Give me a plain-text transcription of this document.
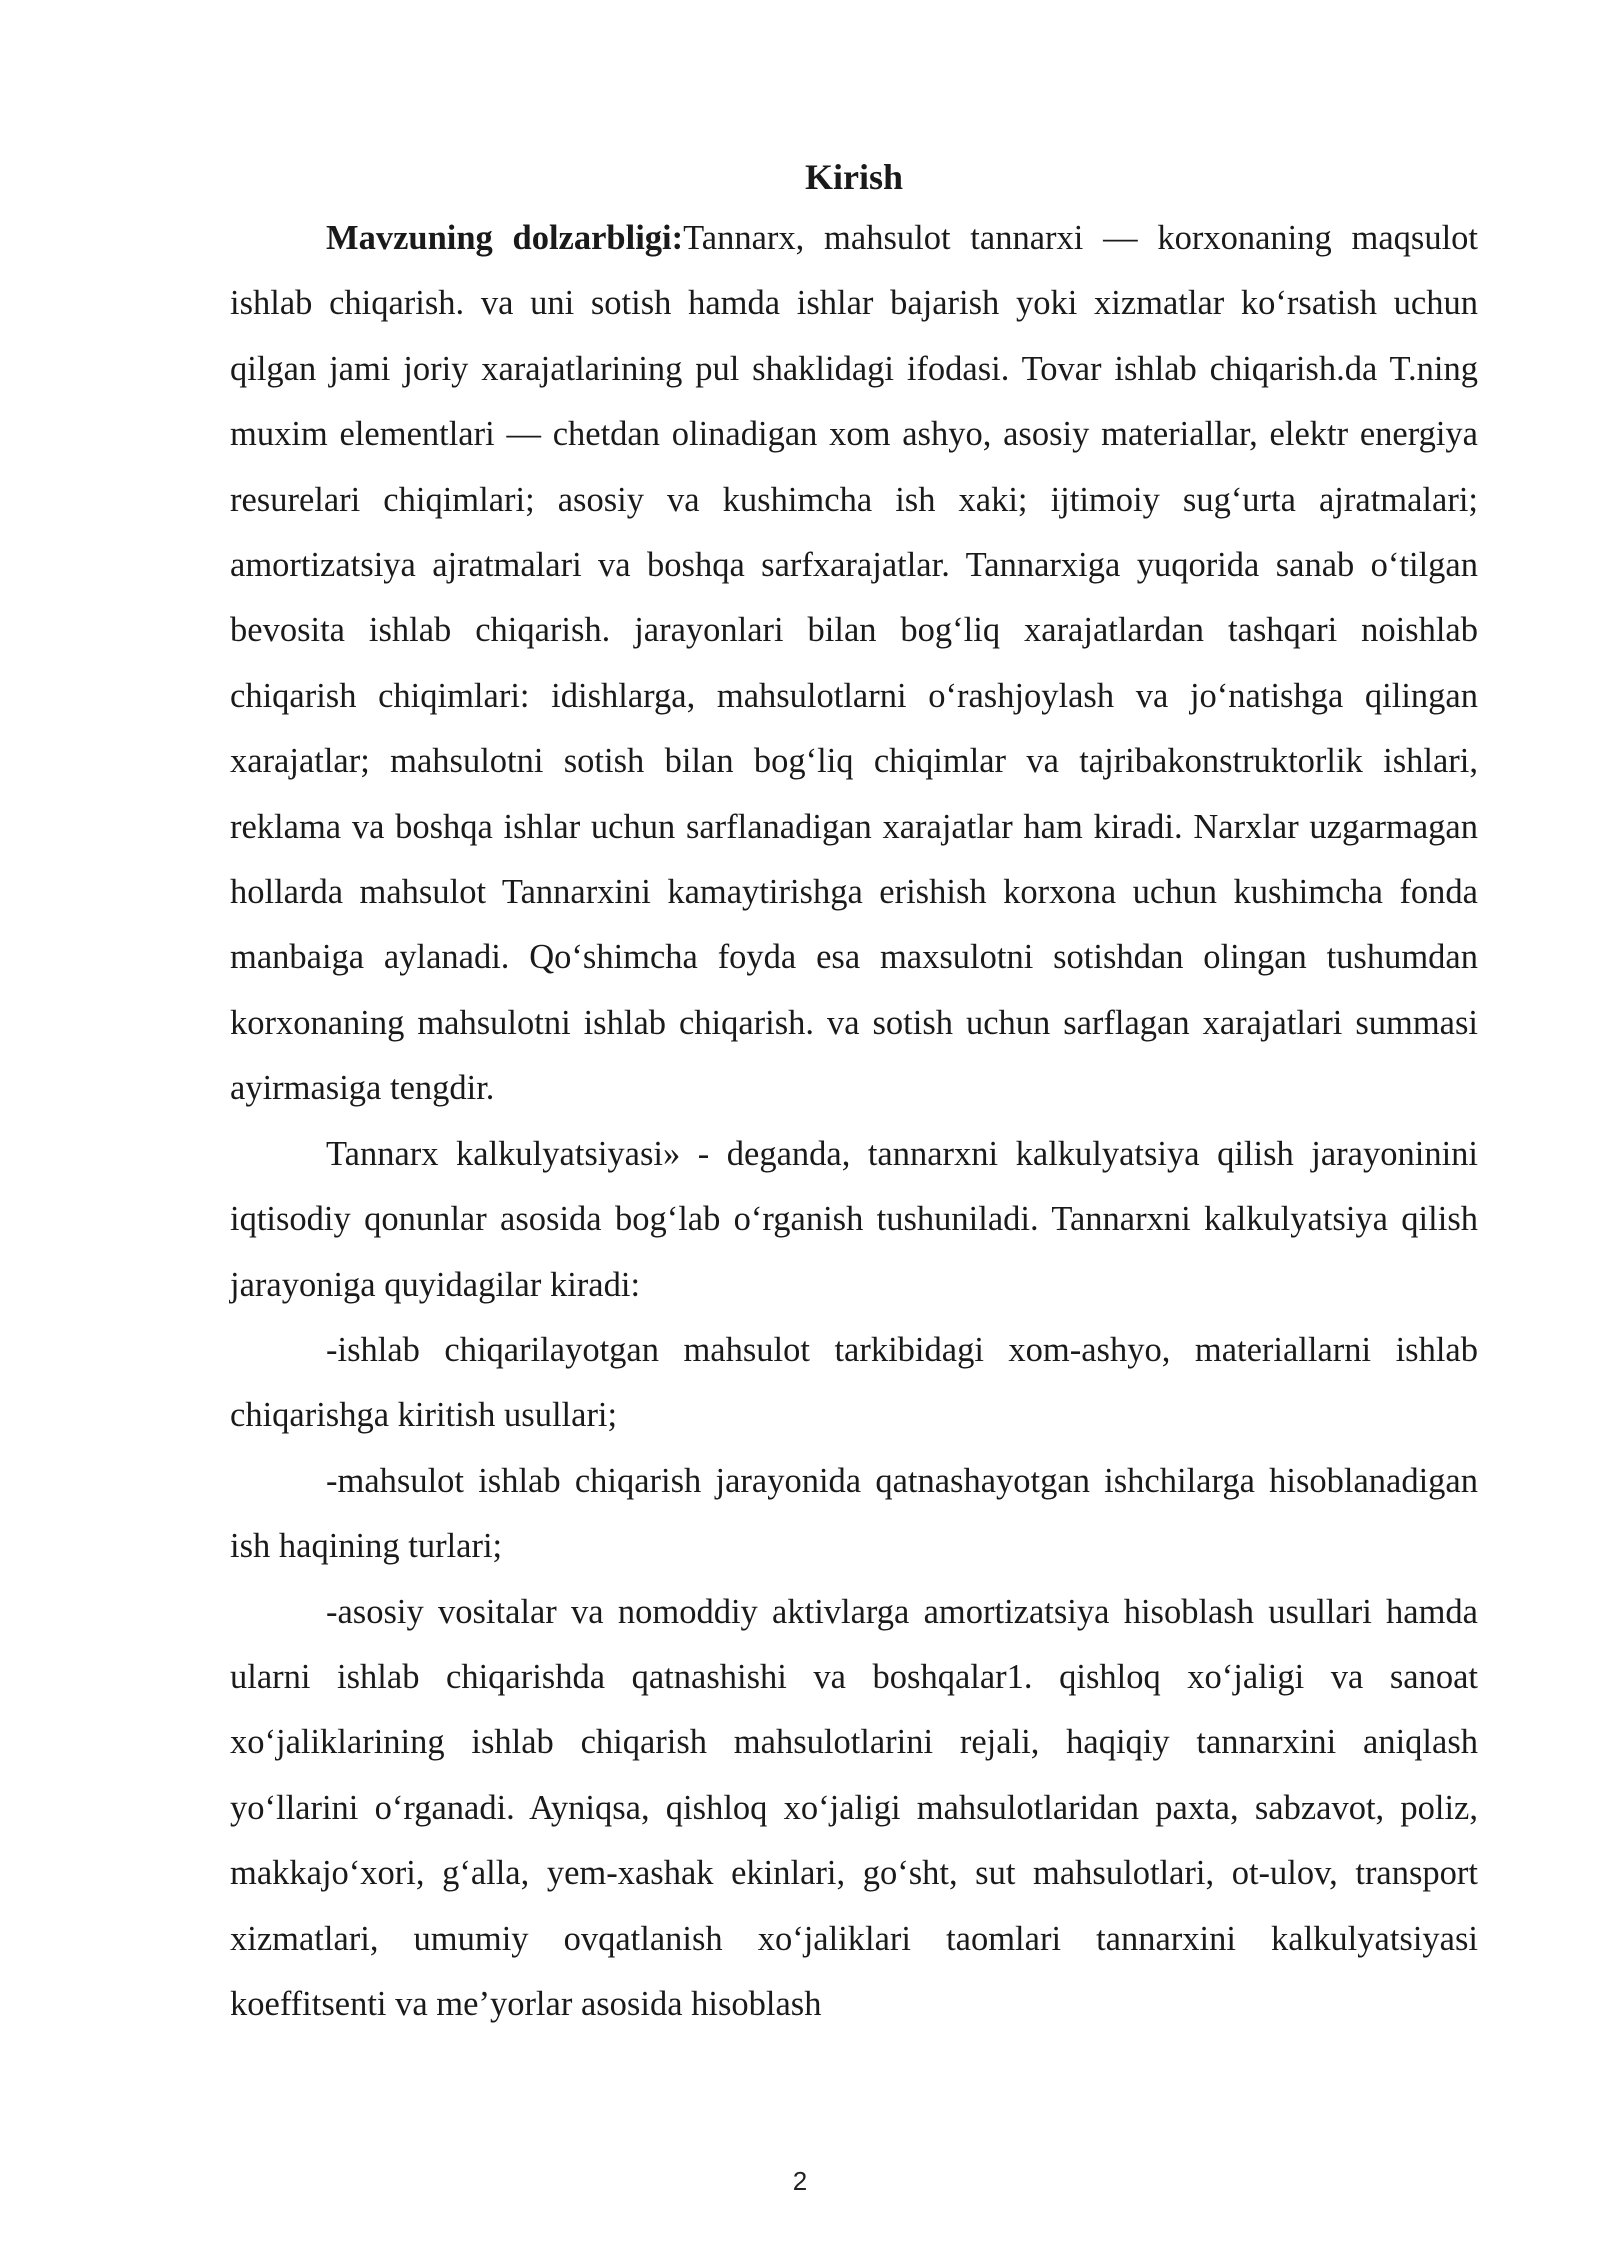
Kirish

Mavzuning dolzarbligi:Tannarx, mahsulot tannarxi — korxonaning maqsulot ishlab chiqarish. va uni sotish hamda ishlar bajarish yoki xizmatlar ko‘rsatish uchun qilgan jami joriy xarajatlarining pul shaklidagi ifodasi. Tovar ishlab chiqarish.da T.ning muxim elementlari — chetdan olinadigan xom ashyo, asosiy materiallar, elektr energiya resurelari chiqimlari; asosiy va kushimcha ish xaki; ijtimoiy sug‘urta ajratmalari; amortizatsiya ajratmalari va boshqa sarfxarajatlar. Tannarxiga yuqorida sanab o‘tilgan bevosita ishlab chiqarish. jarayonlari bilan bog‘liq xarajatlardan tashqari noishlab chiqarish chiqimlari: idishlarga, mahsulotlarni o‘rashjoylash va jo‘natishga qilingan xarajatlar; mahsulotni sotish bilan bog‘liq chiqimlar va tajribakonstruktorlik ishlari, reklama va boshqa ishlar uchun sarflanadigan xarajatlar ham kiradi. Narxlar uzgarmagan hollarda mahsulot Tannarxini kamaytirishga erishish korxona uchun kushimcha fonda manbaiga aylanadi. Qo‘shimcha foyda esa maxsulotni sotishdan olingan tushumdan korxonaning mahsulotni ishlab chiqarish. va sotish uchun sarflagan xarajatlari summasi ayirmasiga tengdir.

Tannarx kalkulyatsiyasi» - deganda, tannarxni kalkulyatsiya qilish jarayoninini iqtisodiy qonunlar asosida bog‘lab o‘rganish tushuniladi. Tannarxni kalkulyatsiya qilish jarayoniga quyidagilar kiradi:

-ishlab chiqarilayotgan mahsulot tarkibidagi xom-ashyo, materiallarni ishlab chiqarishga kiritish usullari;

-mahsulot ishlab chiqarish jarayonida qatnashayotgan ishchilarga hisoblanadigan ish haqining turlari;

-asosiy vositalar va nomoddiy aktivlarga amortizatsiya hisoblash usullari hamda ularni ishlab chiqarishda qatnashishi va boshqalar1. qishloq xo‘jaligi va sanoat xo‘jaliklarining ishlab chiqarish mahsulotlarini rejali, haqiqiy tannarxini aniqlash yo‘llarini o‘rganadi. Ayniqsa, qishloq xo‘jaligi mahsulotlaridan paxta, sabzavot, poliz, makkajo‘xori, g‘alla, yem-xashak ekinlari, go‘sht, sut mahsulotlari, ot-ulov, transport xizmatlari, umumiy ovqatlanish xo‘jaliklari taomlari tannarxini kalkulyatsiyasi koeffitsenti va me’yorlar asosida hisoblash

2
